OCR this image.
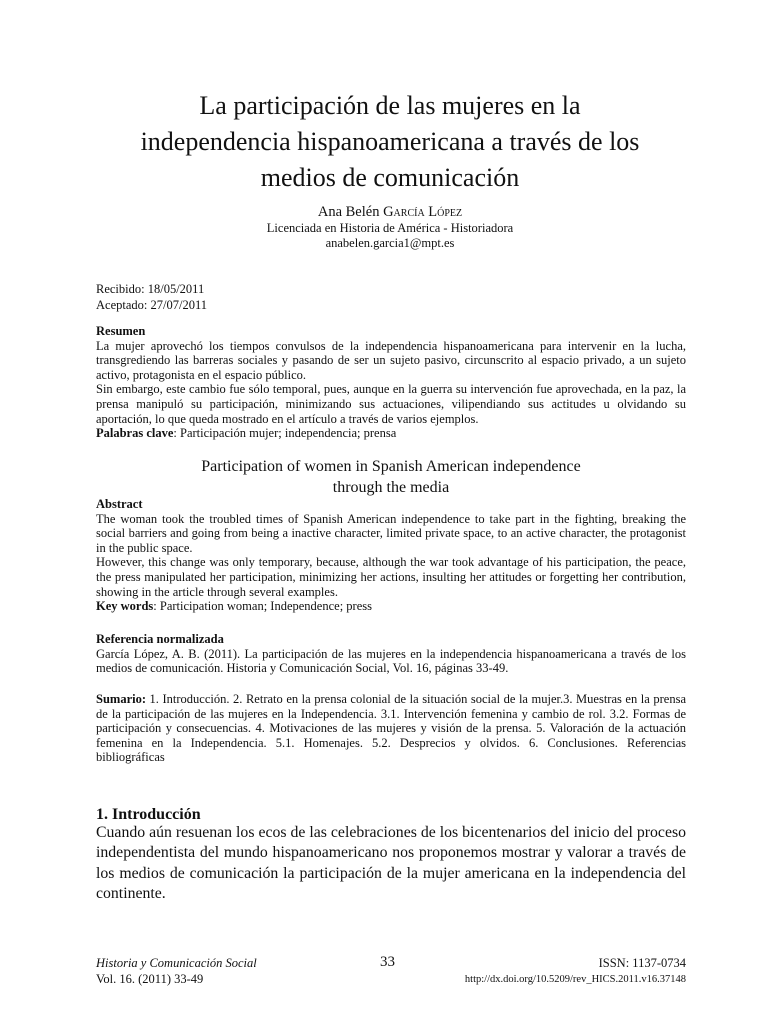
La participación de las mujeres en la
independencia hispanoamericana a través de los
medios de comunicación
Ana Belén García López
Licenciada en Historia de América - Historiadora
anabelen.garcia1@mpt.es
Recibido: 18/05/2011
Aceptado: 27/07/2011

Resumen

La mujer aprovechó los tiempos convulsos de la independencia hispanoamericana para intervenir en la lucha, transgrediendo las barreras sociales y pasando de ser un sujeto pasivo, circunscrito al espacio privado, a un sujeto activo, protagonista en el espacio público.

Sin embargo, este cambio fue sólo temporal, pues, aunque en la guerra su intervención fue aprovechada, en la paz, la prensa manipuló su participación, minimizando sus actuaciones, vilipendiando sus actitudes u olvidando su aportación, lo que queda mostrado en el artículo a través de varios ejemplos.

Palabras clave: Participación mujer; independencia; prensa

Participation of women in Spanish American independence
through the media

Abstract

The woman took the troubled times of Spanish American independence to take part in the fighting, breaking the social barriers and going from being a inactive character, limited private space, to an active character, the protagonist in the public space.

However, this change was only temporary, because, although the war took advantage of his participation, the peace, the press manipulated her participation, minimizing her actions, insulting her attitudes or forgetting her contribution, showing in the article through several examples.

Key words: Participation woman; Independence; press

Referencia normalizada

García López, A. B. (2011). La participación de las mujeres en la independencia hispanoamericana a través de los medios de comunicación. Historia y Comunicación Social, Vol. 16, páginas 33-49.

Sumario: 1. Introducción. 2. Retrato en la prensa colonial de la situación social de la mujer.3. Muestras en la prensa de la participación de las mujeres en la Independencia. 3.1. Intervención femenina y cambio de rol. 3.2. Formas de participación y consecuencias. 4. Motivaciones de las mujeres y visión de la prensa. 5. Valoración de la actuación femenina en la Independencia. 5.1. Homenajes. 5.2. Desprecios y olvidos. 6. Conclusiones. Referencias bibliográficas

1. Introducción

Cuando aún resuenan los ecos de las celebraciones de los bicentenarios del inicio del proceso independentista del mundo hispanoamericano nos proponemos mostrar y valorar a través de los medios de comunicación la participación de la mujer americana en la independencia del continente.

Historia y Comunicación Social
Vol. 16. (2011) 33-49
33	ISSN: 1137-0734
http://dx.doi.org/10.5209/rev_HICS.2011.v16.37148
